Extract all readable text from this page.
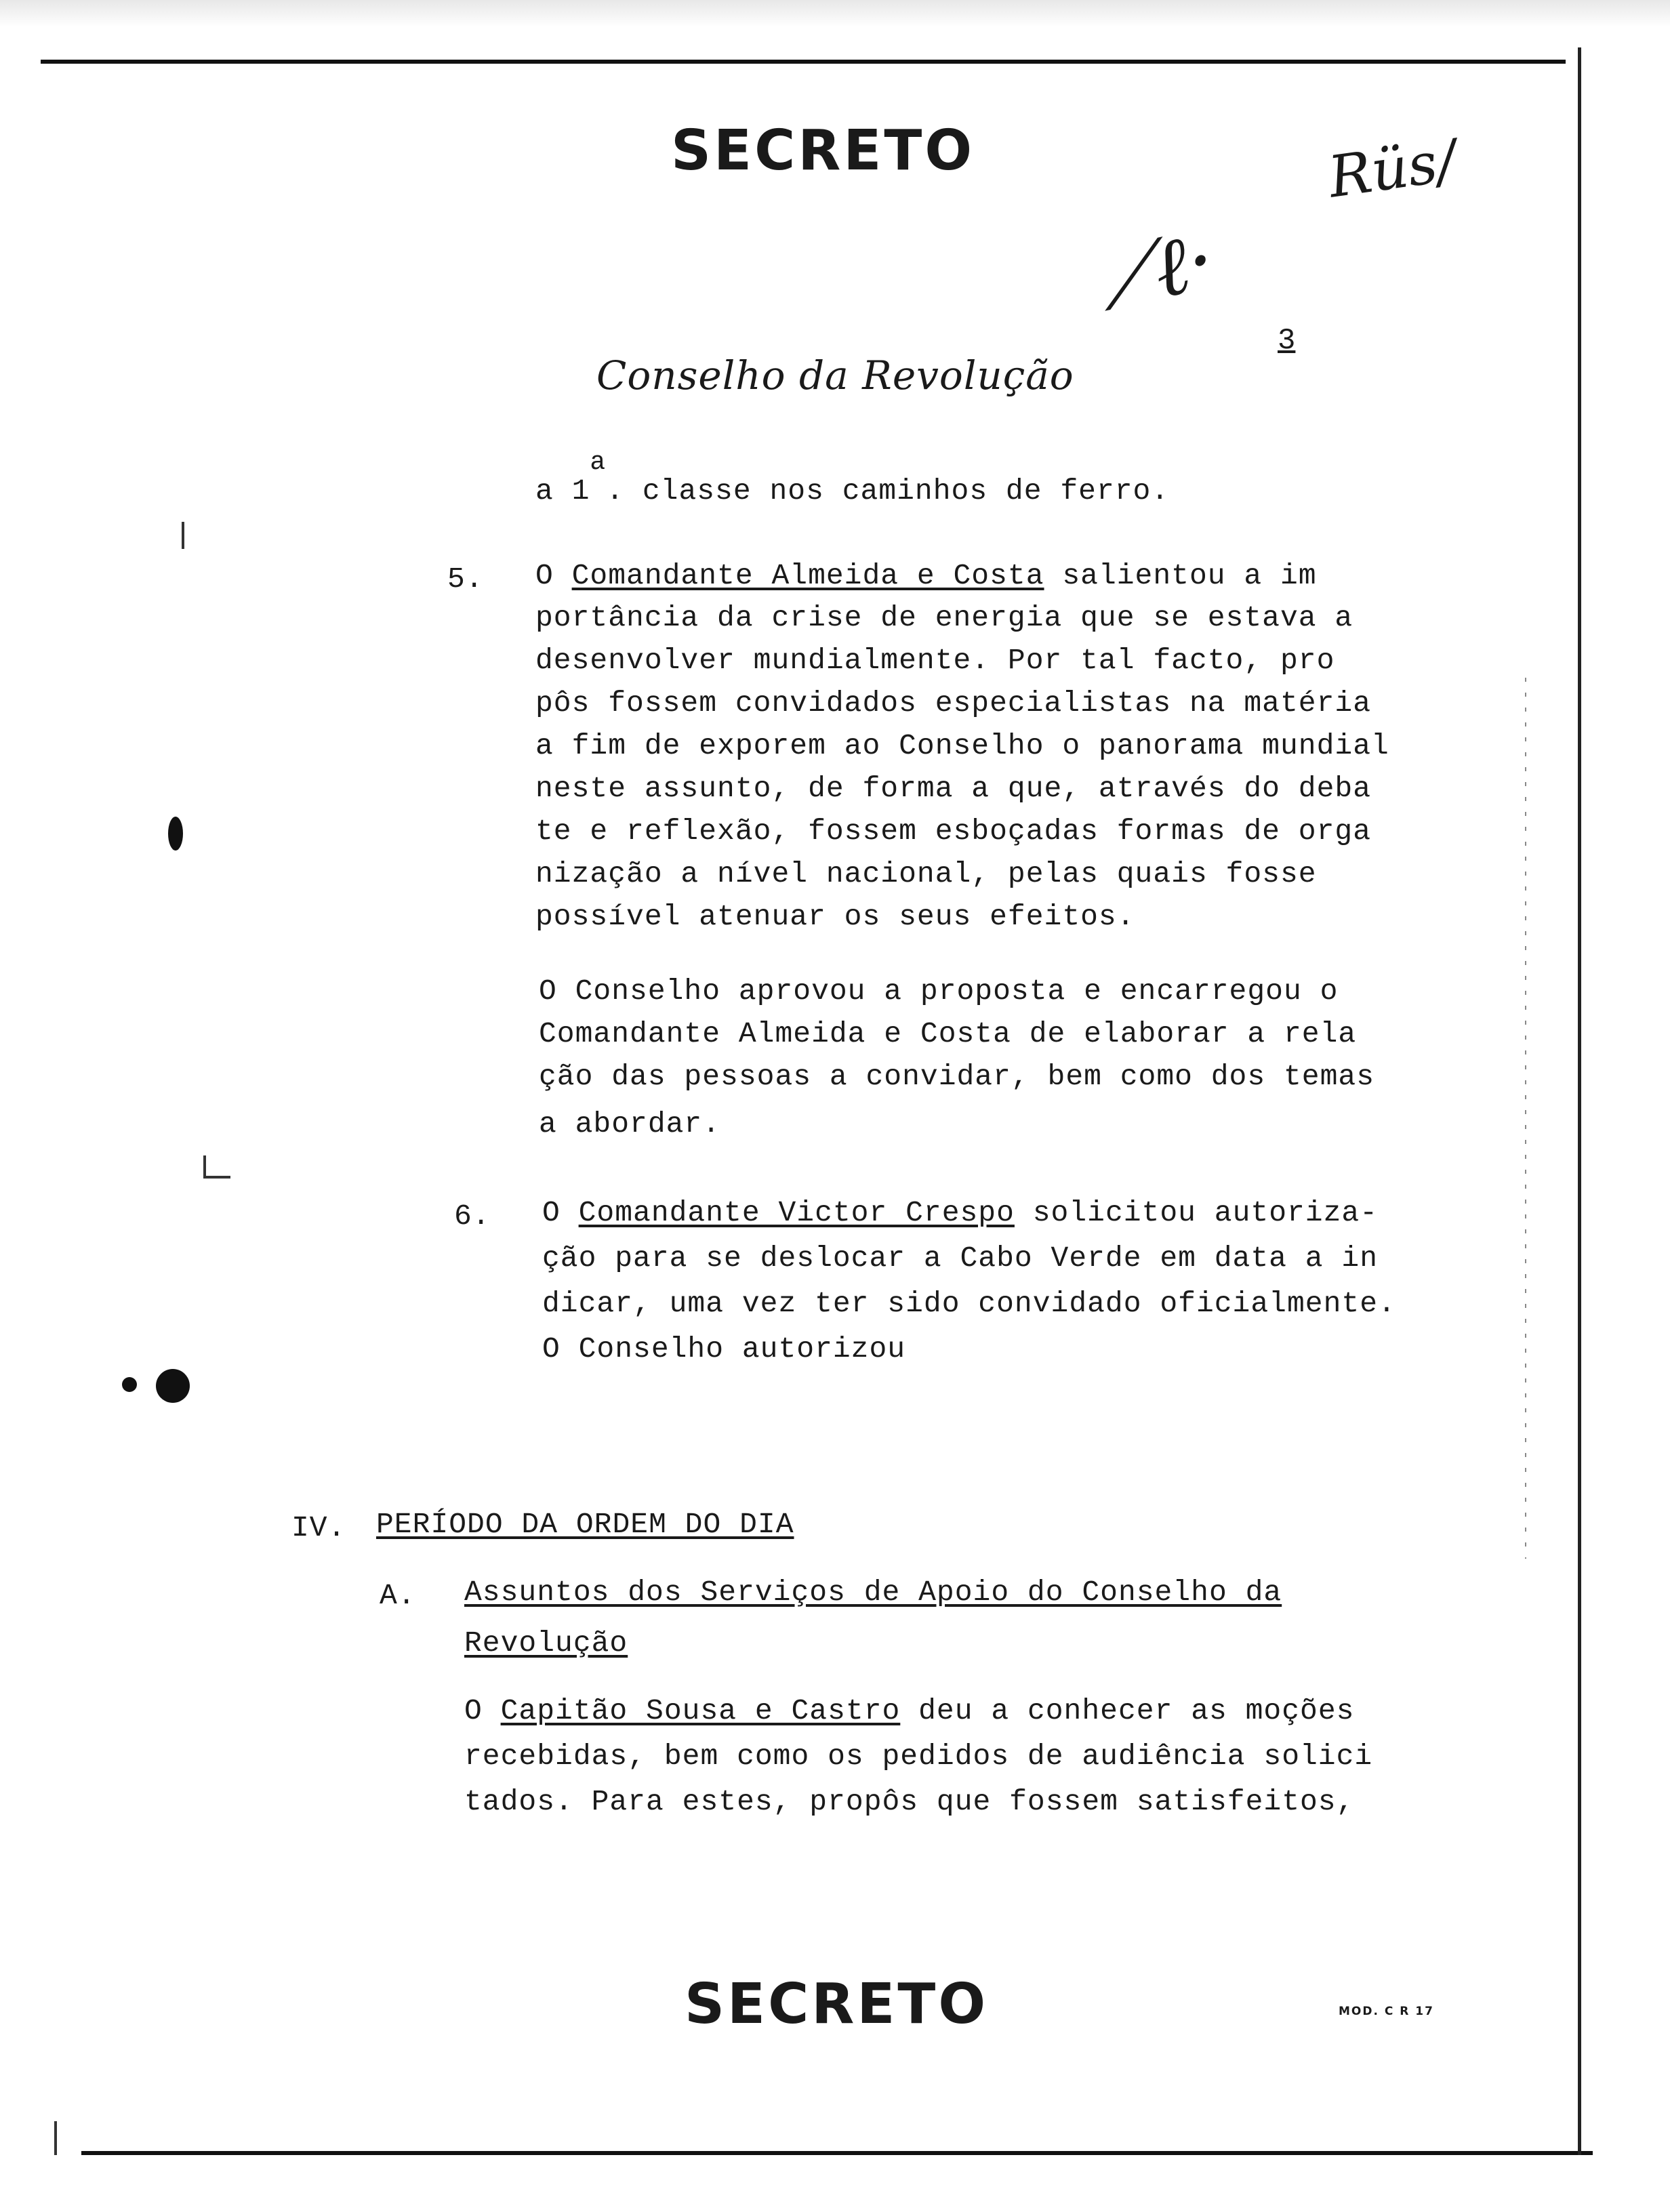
SECRETO	Rüs/
⟋ℓ·
3
Conselho da Revolução
a 1a. classe nos caminhos de ferro.
5. O Comandante Almeida e Costa salientou a im
portância da crise de energia que se estava a
desenvolver mundialmente. Por tal facto, pro
pôs fossem convidados especialistas na matéria
a fim de exporem ao Conselho o panorama mundial
neste assunto, de forma a que, através do deba
te e reflexão, fossem esboçadas formas de orga
nização a nível nacional, pelas quais fosse
possível atenuar os seus efeitos.
O Conselho aprovou a proposta e encarregou o
Comandante Almeida e Costa de elaborar a rela
ção das pessoas a convidar, bem como dos temas
a abordar.
6. O Comandante Victor Crespo solicitou autoriza-
ção para se deslocar a Cabo Verde em data a in
dicar, uma vez ter sido convidado oficialmente.
O Conselho autorizou
IV. PERÍODO DA ORDEM DO DIA
A. Assuntos dos Serviços de Apoio do Conselho da
Revolução
O Capitão Sousa e Castro deu a conhecer as moções
recebidas, bem como os pedidos de audiência solici
tados. Para estes, propôs que fossem satisfeitos,
SECRETO	MOD. C R 17
